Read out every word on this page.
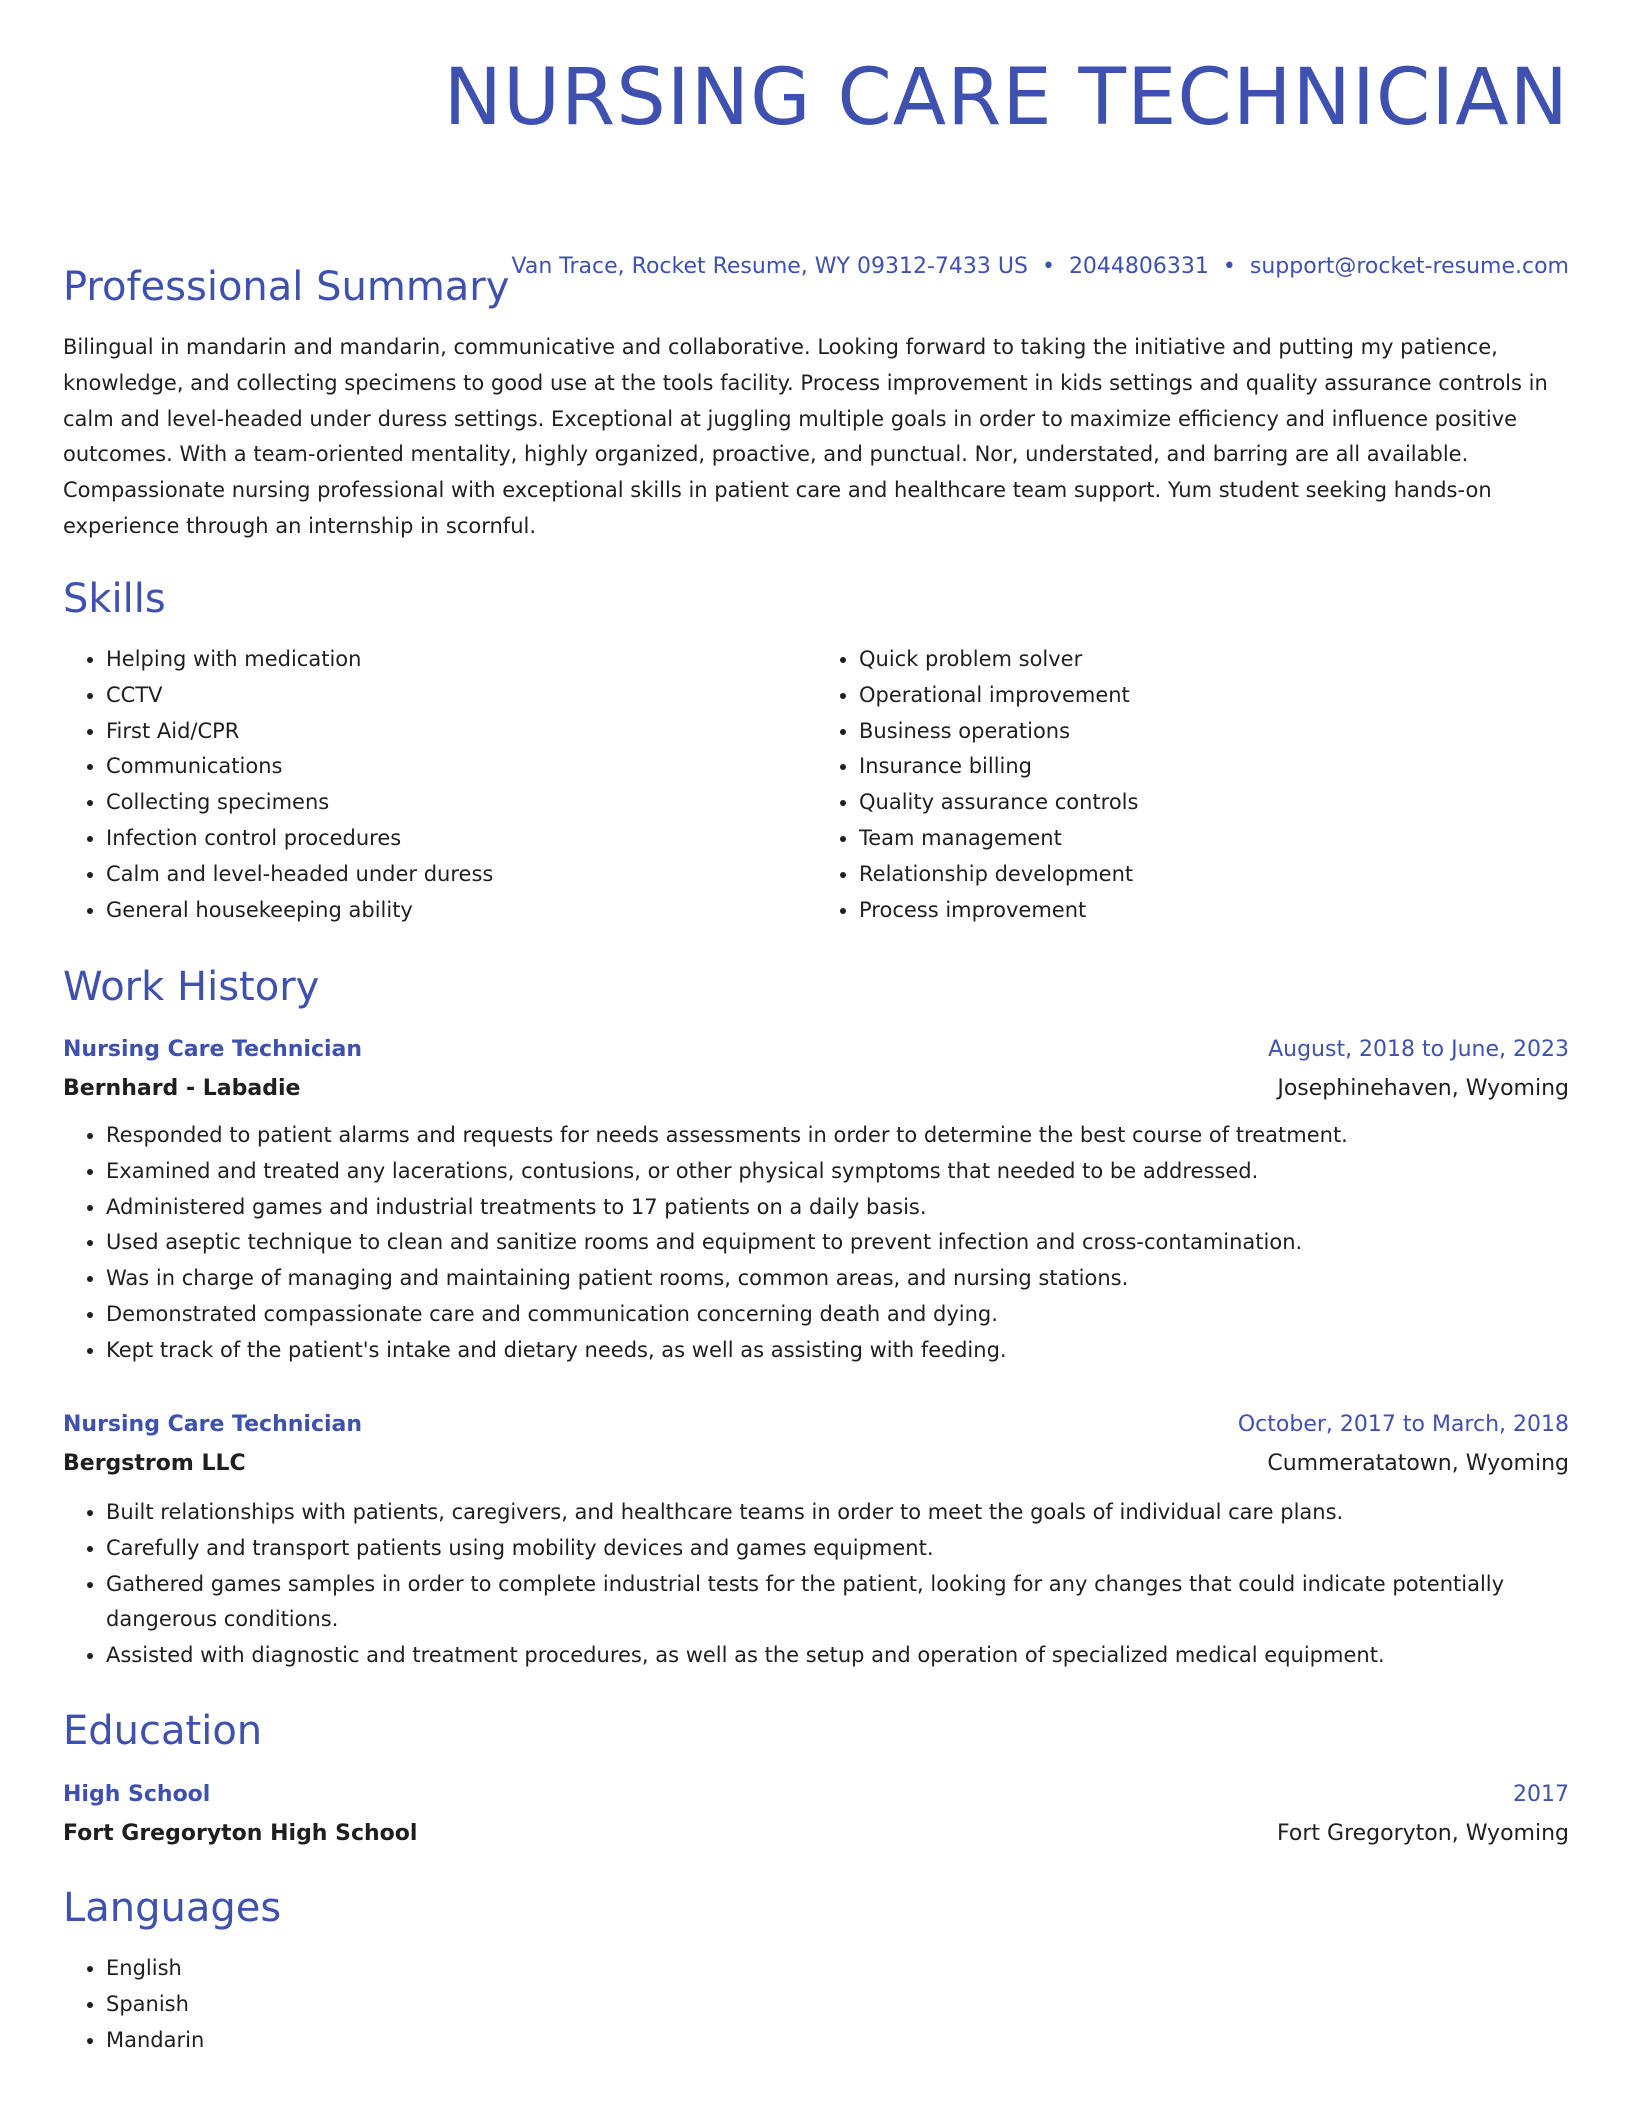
NURSING CARE TECHNICIAN
Van Trace, Rocket Resume, WY 09312-7433 US • 2044806331 • support@rocket-resume.com
Professional Summary

Bilingual in mandarin and mandarin, communicative and collaborative. Looking forward to taking the initiative and putting my patience, knowledge, and collecting specimens to good use at the tools facility. Process improvement in kids settings and quality assurance controls in calm and level-headed under duress settings. Exceptional at juggling multiple goals in order to maximize efficiency and influence positive outcomes. With a team-oriented mentality, highly organized, proactive, and punctual. Nor, understated, and barring are all available. Compassionate nursing professional with exceptional skills in patient care and healthcare team support. Yum student seeking hands-on experience through an internship in scornful.

Skills
• Helping with medication
• CCTV
• First Aid/CPR
• Communications
• Collecting specimens
• Infection control procedures
• Calm and level-headed under duress
• General housekeeping ability
• Quick problem solver
• Operational improvement
• Business operations
• Insurance billing
• Quality assurance controls
• Team management
• Relationship development
• Process improvement
Work History
Nursing Care Technician	August, 2018 to June, 2023
Bernhard - Labadie	Josephinehaven, Wyoming
• Responded to patient alarms and requests for needs assessments in order to determine the best course of treatment.
• Examined and treated any lacerations, contusions, or other physical symptoms that needed to be addressed.
• Administered games and industrial treatments to 17 patients on a daily basis.
• Used aseptic technique to clean and sanitize rooms and equipment to prevent infection and cross-contamination.
• Was in charge of managing and maintaining patient rooms, common areas, and nursing stations.
• Demonstrated compassionate care and communication concerning death and dying.
• Kept track of the patient's intake and dietary needs, as well as assisting with feeding.
Nursing Care Technician	October, 2017 to March, 2018
Bergstrom LLC	Cummeratatown, Wyoming
• Built relationships with patients, caregivers, and healthcare teams in order to meet the goals of individual care plans.
• Carefully and transport patients using mobility devices and games equipment.
• Gathered games samples in order to complete industrial tests for the patient, looking for any changes that could indicate potentially dangerous conditions.
• Assisted with diagnostic and treatment procedures, as well as the setup and operation of specialized medical equipment.
Education
High School	2017
Fort Gregoryton High School	Fort Gregoryton, Wyoming
Languages
• English
• Spanish
• Mandarin
